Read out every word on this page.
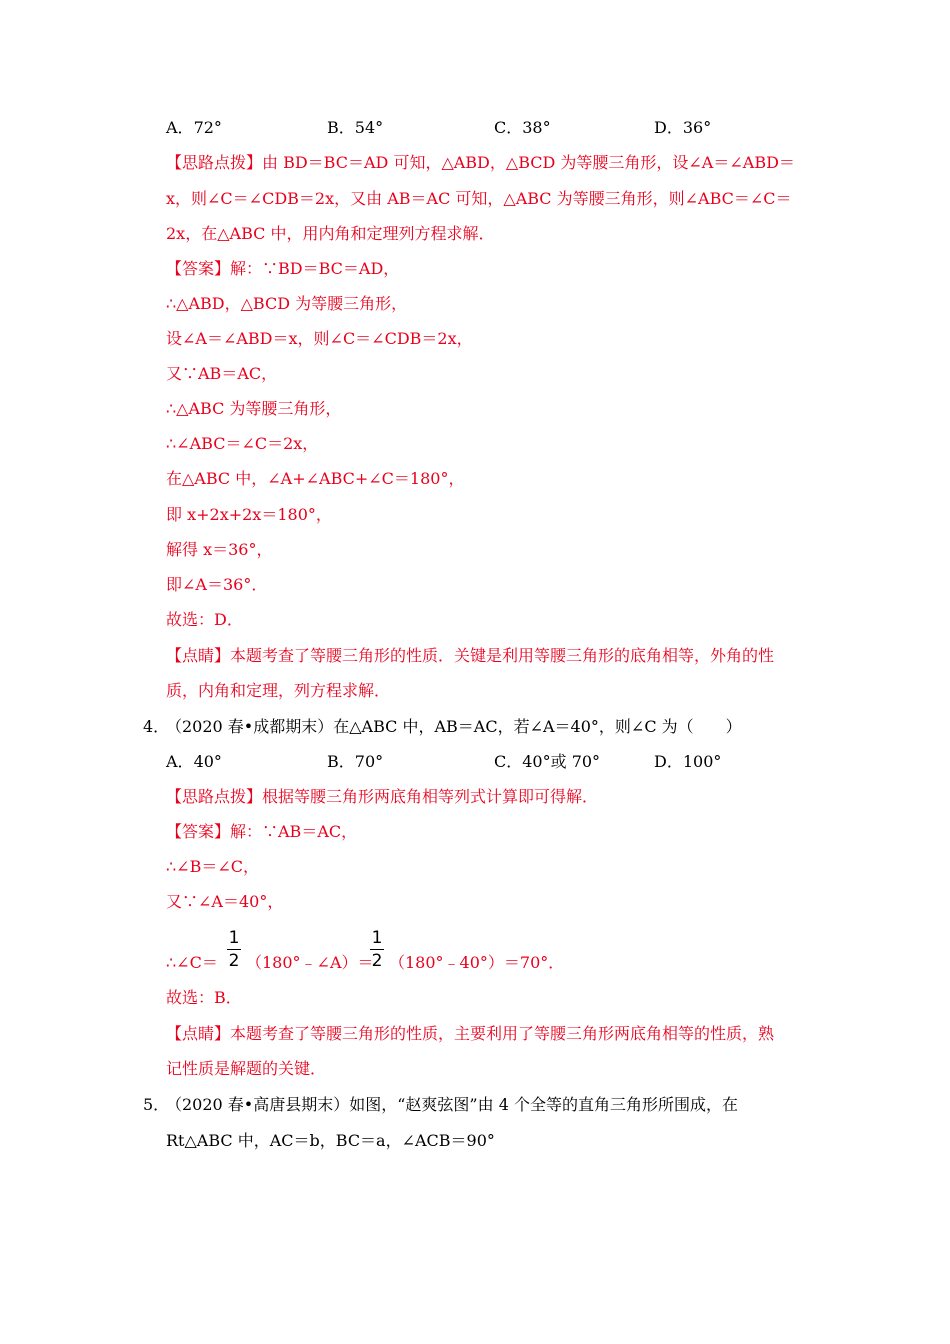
A．72°	B．54°	C．38°	D．36°
【思路点拨】由 BD＝BC＝AD 可知，△ABD，△BCD 为等腰三角形，设∠A＝∠ABD＝
x，则∠C＝∠CDB＝2x，又由 AB＝AC 可知，△ABC 为等腰三角形，则∠ABC＝∠C＝
2x，在△ABC 中，用内角和定理列方程求解．
【答案】解：∵BD＝BC＝AD，
∴△ABD，△BCD 为等腰三角形，
设∠A＝∠ABD＝x，则∠C＝∠CDB＝2x，
又∵AB＝AC，
∴△ABC 为等腰三角形，
∴∠ABC＝∠C＝2x，
在△ABC 中，∠A+∠ABC+∠C＝180°，
即 x+2x+2x＝180°，
解得 x＝36°，
即∠A＝36°．
故选：D．
【点睛】本题考查了等腰三角形的性质．关键是利用等腰三角形的底角相等，外角的性
质，内角和定理，列方程求解．
4．
（2020 春•成都期末）在△ABC 中，AB＝AC，若∠A＝40°，则∠C 为（　　）
A．40°	B．70°	C．40°或 70°	D．100°
【思路点拨】根据等腰三角形两底角相等列式计算即可得解．
【答案】解：∵AB＝AC，
∴∠B＝∠C，
又∵∠A＝40°，
∴∠C＝
1
2 （180°﹣∠A）＝
1
2 （180°﹣40°）＝70°．
故选：B．
【点睛】本题考查了等腰三角形的性质，主要利用了等腰三角形两底角相等的性质，熟
记性质是解题的关键．
5．
（2020 春•高唐县期末）如图，“赵爽弦图”由 4 个全等的直角三角形所围成，在
Rt△ABC 中，AC＝b，BC＝a，∠ACB＝90°
